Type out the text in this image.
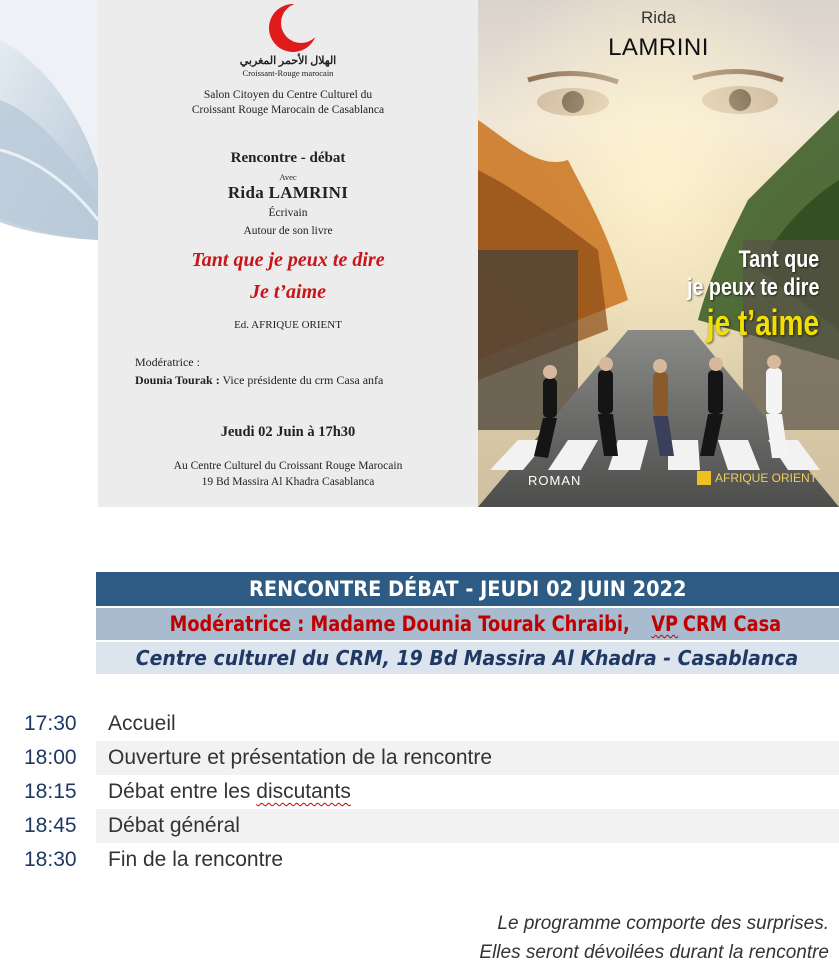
الهلال الأحمر المغربي
Croissant-Rouge marocain
Salon Citoyen du Centre Culturel du
Croissant Rouge Marocain de Casablanca
Rencontre - débat
Avec
Rida LAMRINI
Écrivain
Autour de son livre
Tant que je peux te dire
Je t’aime
Ed. AFRIQUE ORIENT
Modératrice :
Dounia Tourak : Vice présidente du crm Casa anfa
Jeudi 02 Juin à 17h30
Au Centre Culturel du Croissant Rouge Marocain
19 Bd Massira Al Khadra Casablanca
Rida
LAMRINI
Tant que
je peux te dire
je t’aime
ROMAN	AFRIQUE ORIENT
RENCONTRE DÉBAT - JEUDI 02 JUIN 2022
Modératrice : Madame Dounia Tourak Chraibi,VPCRM Casa
Centre culturel du CRM, 19 Bd Massira Al Khadra - Casablanca
17:30	Accueil
18:00	Ouverture et présentation de la rencontre
18:15	Débat entre les discutants
18:45	Débat général
18:30	Fin de la rencontre
Le programme comporte des surprises.
Elles seront dévoilées durant la rencontre
